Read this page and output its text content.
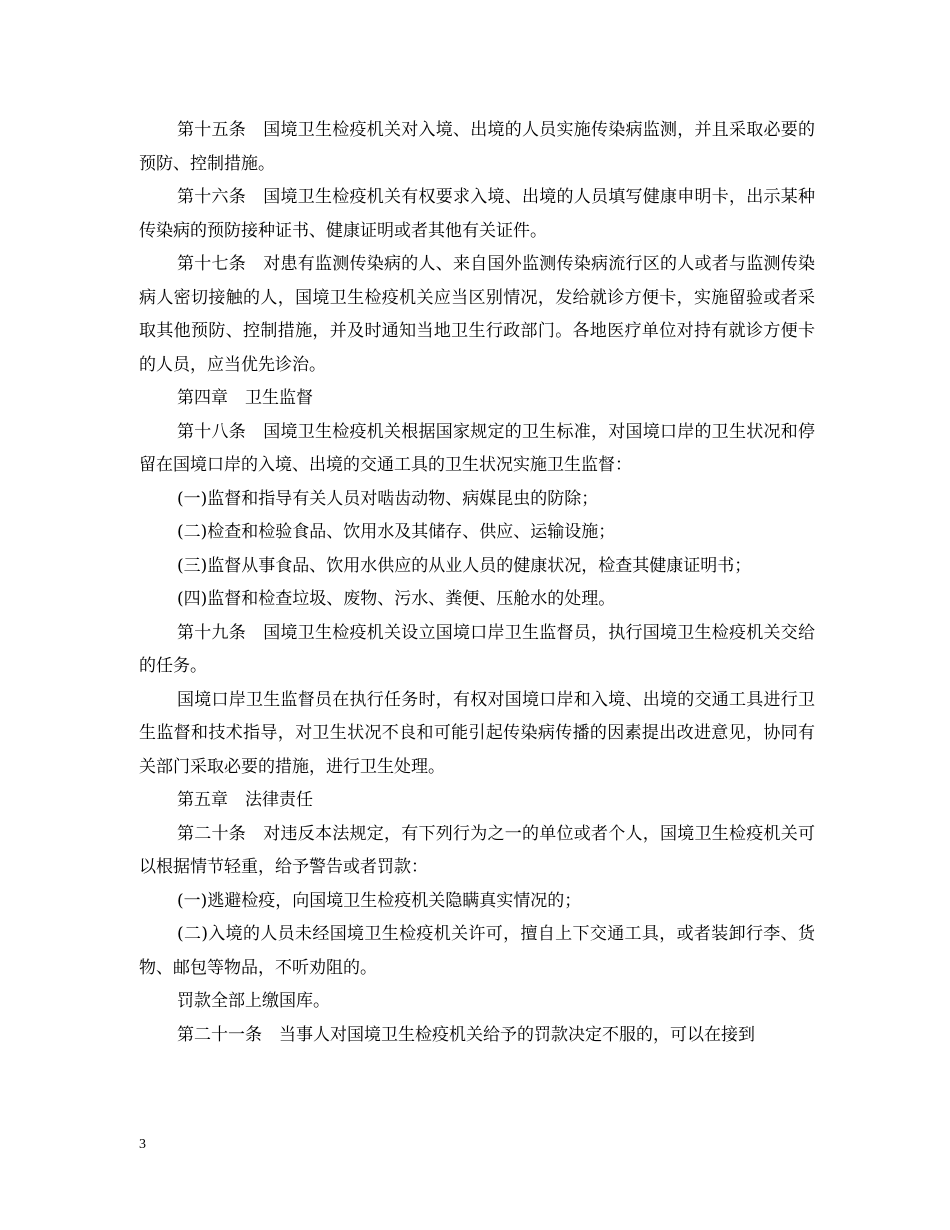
第十五条　国境卫生检疫机关对入境、出境的人员实施传染病监测，并且采取必要的预防、控制措施。

第十六条　国境卫生检疫机关有权要求入境、出境的人员填写健康申明卡，出示某种传染病的预防接种证书、健康证明或者其他有关证件。

第十七条　对患有监测传染病的人、来自国外监测传染病流行区的人或者与监测传染病人密切接触的人，国境卫生检疫机关应当区别情况，发给就诊方便卡，实施留验或者采取其他预防、控制措施，并及时通知当地卫生行政部门。各地医疗单位对持有就诊方便卡的人员，应当优先诊治。

第四章　卫生监督

第十八条　国境卫生检疫机关根据国家规定的卫生标准，对国境口岸的卫生状况和停留在国境口岸的入境、出境的交通工具的卫生状况实施卫生监督：

(一)监督和指导有关人员对啮齿动物、病媒昆虫的防除；

(二)检查和检验食品、饮用水及其储存、供应、运输设施；

(三)监督从事食品、饮用水供应的从业人员的健康状况，检查其健康证明书；

(四)监督和检查垃圾、废物、污水、粪便、压舱水的处理。

第十九条　国境卫生检疫机关设立国境口岸卫生监督员，执行国境卫生检疫机关交给的任务。

国境口岸卫生监督员在执行任务时，有权对国境口岸和入境、出境的交通工具进行卫生监督和技术指导，对卫生状况不良和可能引起传染病传播的因素提出改进意见，协同有关部门采取必要的措施，进行卫生处理。

第五章　法律责任

第二十条　对违反本法规定，有下列行为之一的单位或者个人，国境卫生检疫机关可以根据情节轻重，给予警告或者罚款：

(一)逃避检疫，向国境卫生检疫机关隐瞒真实情况的；

(二)入境的人员未经国境卫生检疫机关许可，擅自上下交通工具，或者装卸行李、货物、邮包等物品，不听劝阻的。

罚款全部上缴国库。

第二十一条　当事人对国境卫生检疫机关给予的罚款决定不服的，可以在接到

3
